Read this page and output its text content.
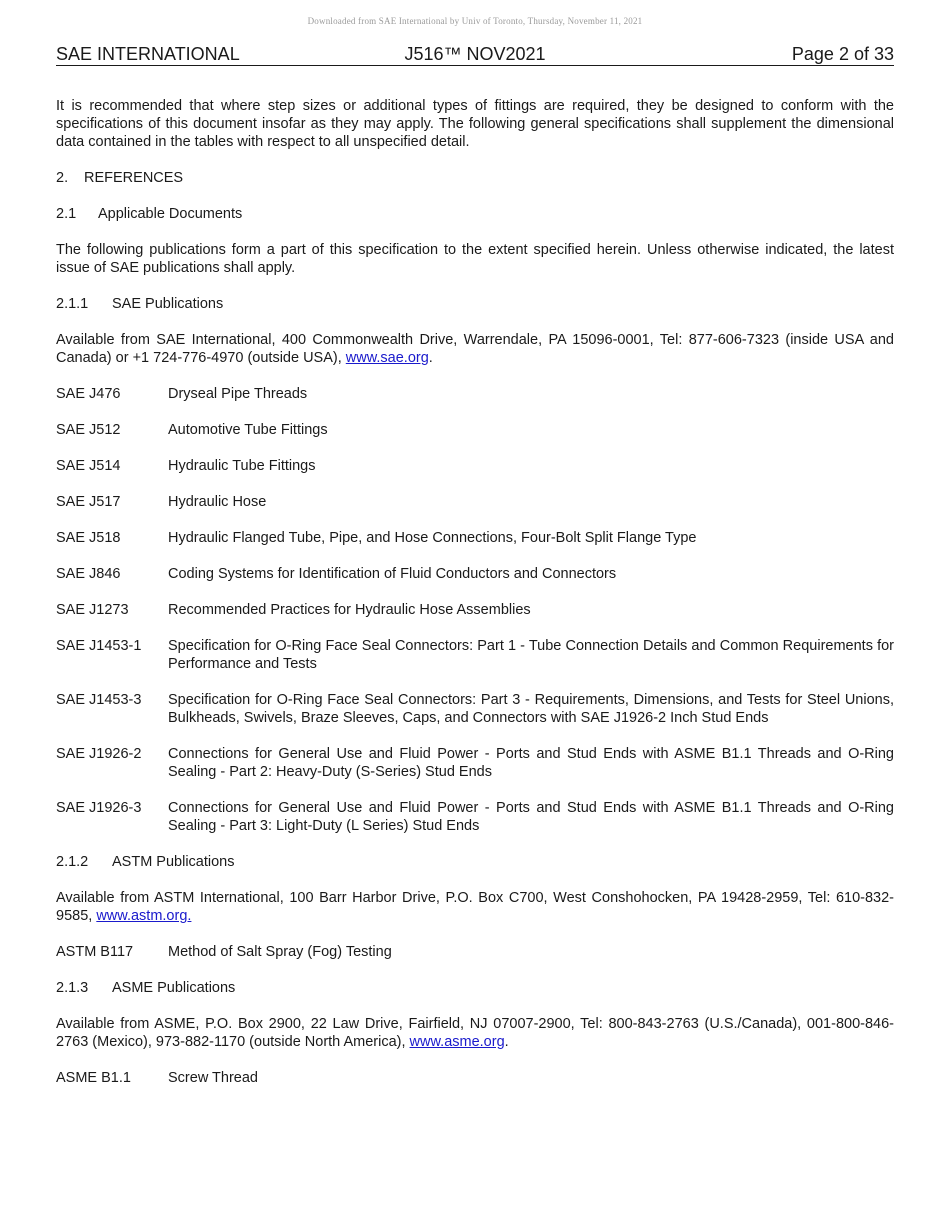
Downloaded from SAE International by Univ of Toronto, Thursday, November 11, 2021
J516™ NOV2021
SAE INTERNATIONAL	Page 2 of 33

It is recommended that where step sizes or additional types of fittings are required, they be designed to conform with the specifications of this document insofar as they may apply. The following general specifications shall supplement the dimensional data contained in the tables with respect to all unspecified detail.

2. REFERENCES
2.1 Applicable Documents

The following publications form a part of this specification to the extent specified herein. Unless otherwise indicated, the latest issue of SAE publications shall apply.

2.1.1 SAE Publications

Available from SAE International, 400 Commonwealth Drive, Warrendale, PA 15096-0001, Tel: 877-606-7323 (inside USA and Canada) or +1 724-776-4970 (outside USA), www.sae.org.

SAE J476	Dryseal Pipe Threads
SAE J512	Automotive Tube Fittings
SAE J514	Hydraulic Tube Fittings
SAE J517	Hydraulic Hose
SAE J518	Hydraulic Flanged Tube, Pipe, and Hose Connections, Four-Bolt Split Flange Type
SAE J846	Coding Systems for Identification of Fluid Conductors and Connectors
SAE J1273	Recommended Practices for Hydraulic Hose Assemblies
SAE J1453-1	Specification for O-Ring Face Seal Connectors: Part 1 - Tube Connection Details and Common Requirements for Performance and Tests
SAE J1453-3	Specification for O-Ring Face Seal Connectors: Part 3 - Requirements, Dimensions, and Tests for Steel Unions, Bulkheads, Swivels, Braze Sleeves, Caps, and Connectors with SAE J1926-2 Inch Stud Ends
SAE J1926-2	Connections for General Use and Fluid Power - Ports and Stud Ends with ASME B1.1 Threads and O-Ring Sealing - Part 2: Heavy-Duty (S-Series) Stud Ends
SAE J1926-3	Connections for General Use and Fluid Power - Ports and Stud Ends with ASME B1.1 Threads and O-Ring Sealing - Part 3: Light-Duty (L Series) Stud Ends
2.1.2 ASTM Publications

Available from ASTM International, 100 Barr Harbor Drive, P.O. Box C700, West Conshohocken, PA 19428-2959, Tel: 610-832-9585, www.astm.org.

ASTM B117	Method of Salt Spray (Fog) Testing
2.1.3 ASME Publications

Available from ASME, P.O. Box 2900, 22 Law Drive, Fairfield, NJ 07007-2900, Tel: 800-843-2763 (U.S./Canada), 001-800-846-2763 (Mexico), 973-882-1170 (outside North America), www.asme.org.

ASME B1.1	Screw Thread
